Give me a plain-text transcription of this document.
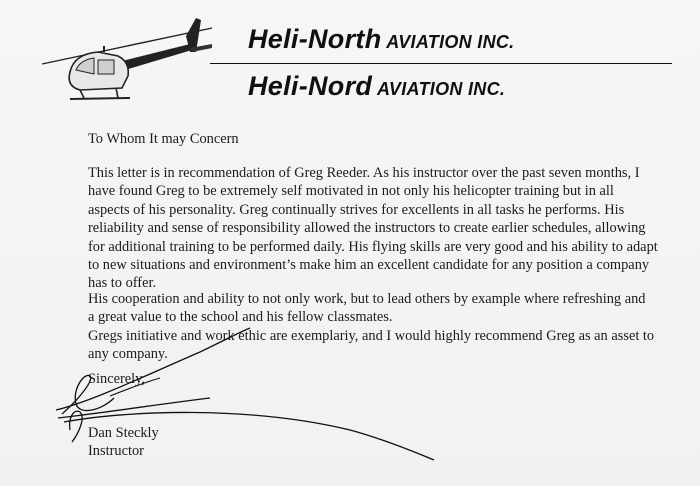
Heli-North AVIATION INC.
Heli-Nord AVIATION INC.
To Whom It may Concern
This letter is in recommendation of Greg Reeder. As his instructor over the past seven months, I
have found Greg to be extremely self motivated in not only his helicopter training but in all
aspects of his personality. Greg continually strives for excellents in all tasks he performs. His
reliability and sense of responsibility allowed the instructors to create earlier schedules, allowing
for additional training to be performed daily. His flying skills are very good and his ability to adapt
to new situations and environment’s make him an excellent candidate for any position a company
has to offer.
His cooperation and ability to not only work, but to lead others by example where refreshing and
a great value to the school and his fellow classmates.
Gregs initiative and work ethic are exemplariy, and I would highly recommend Greg as an asset to
any company.
Sincerely,
Dan Steckly
Instructor
